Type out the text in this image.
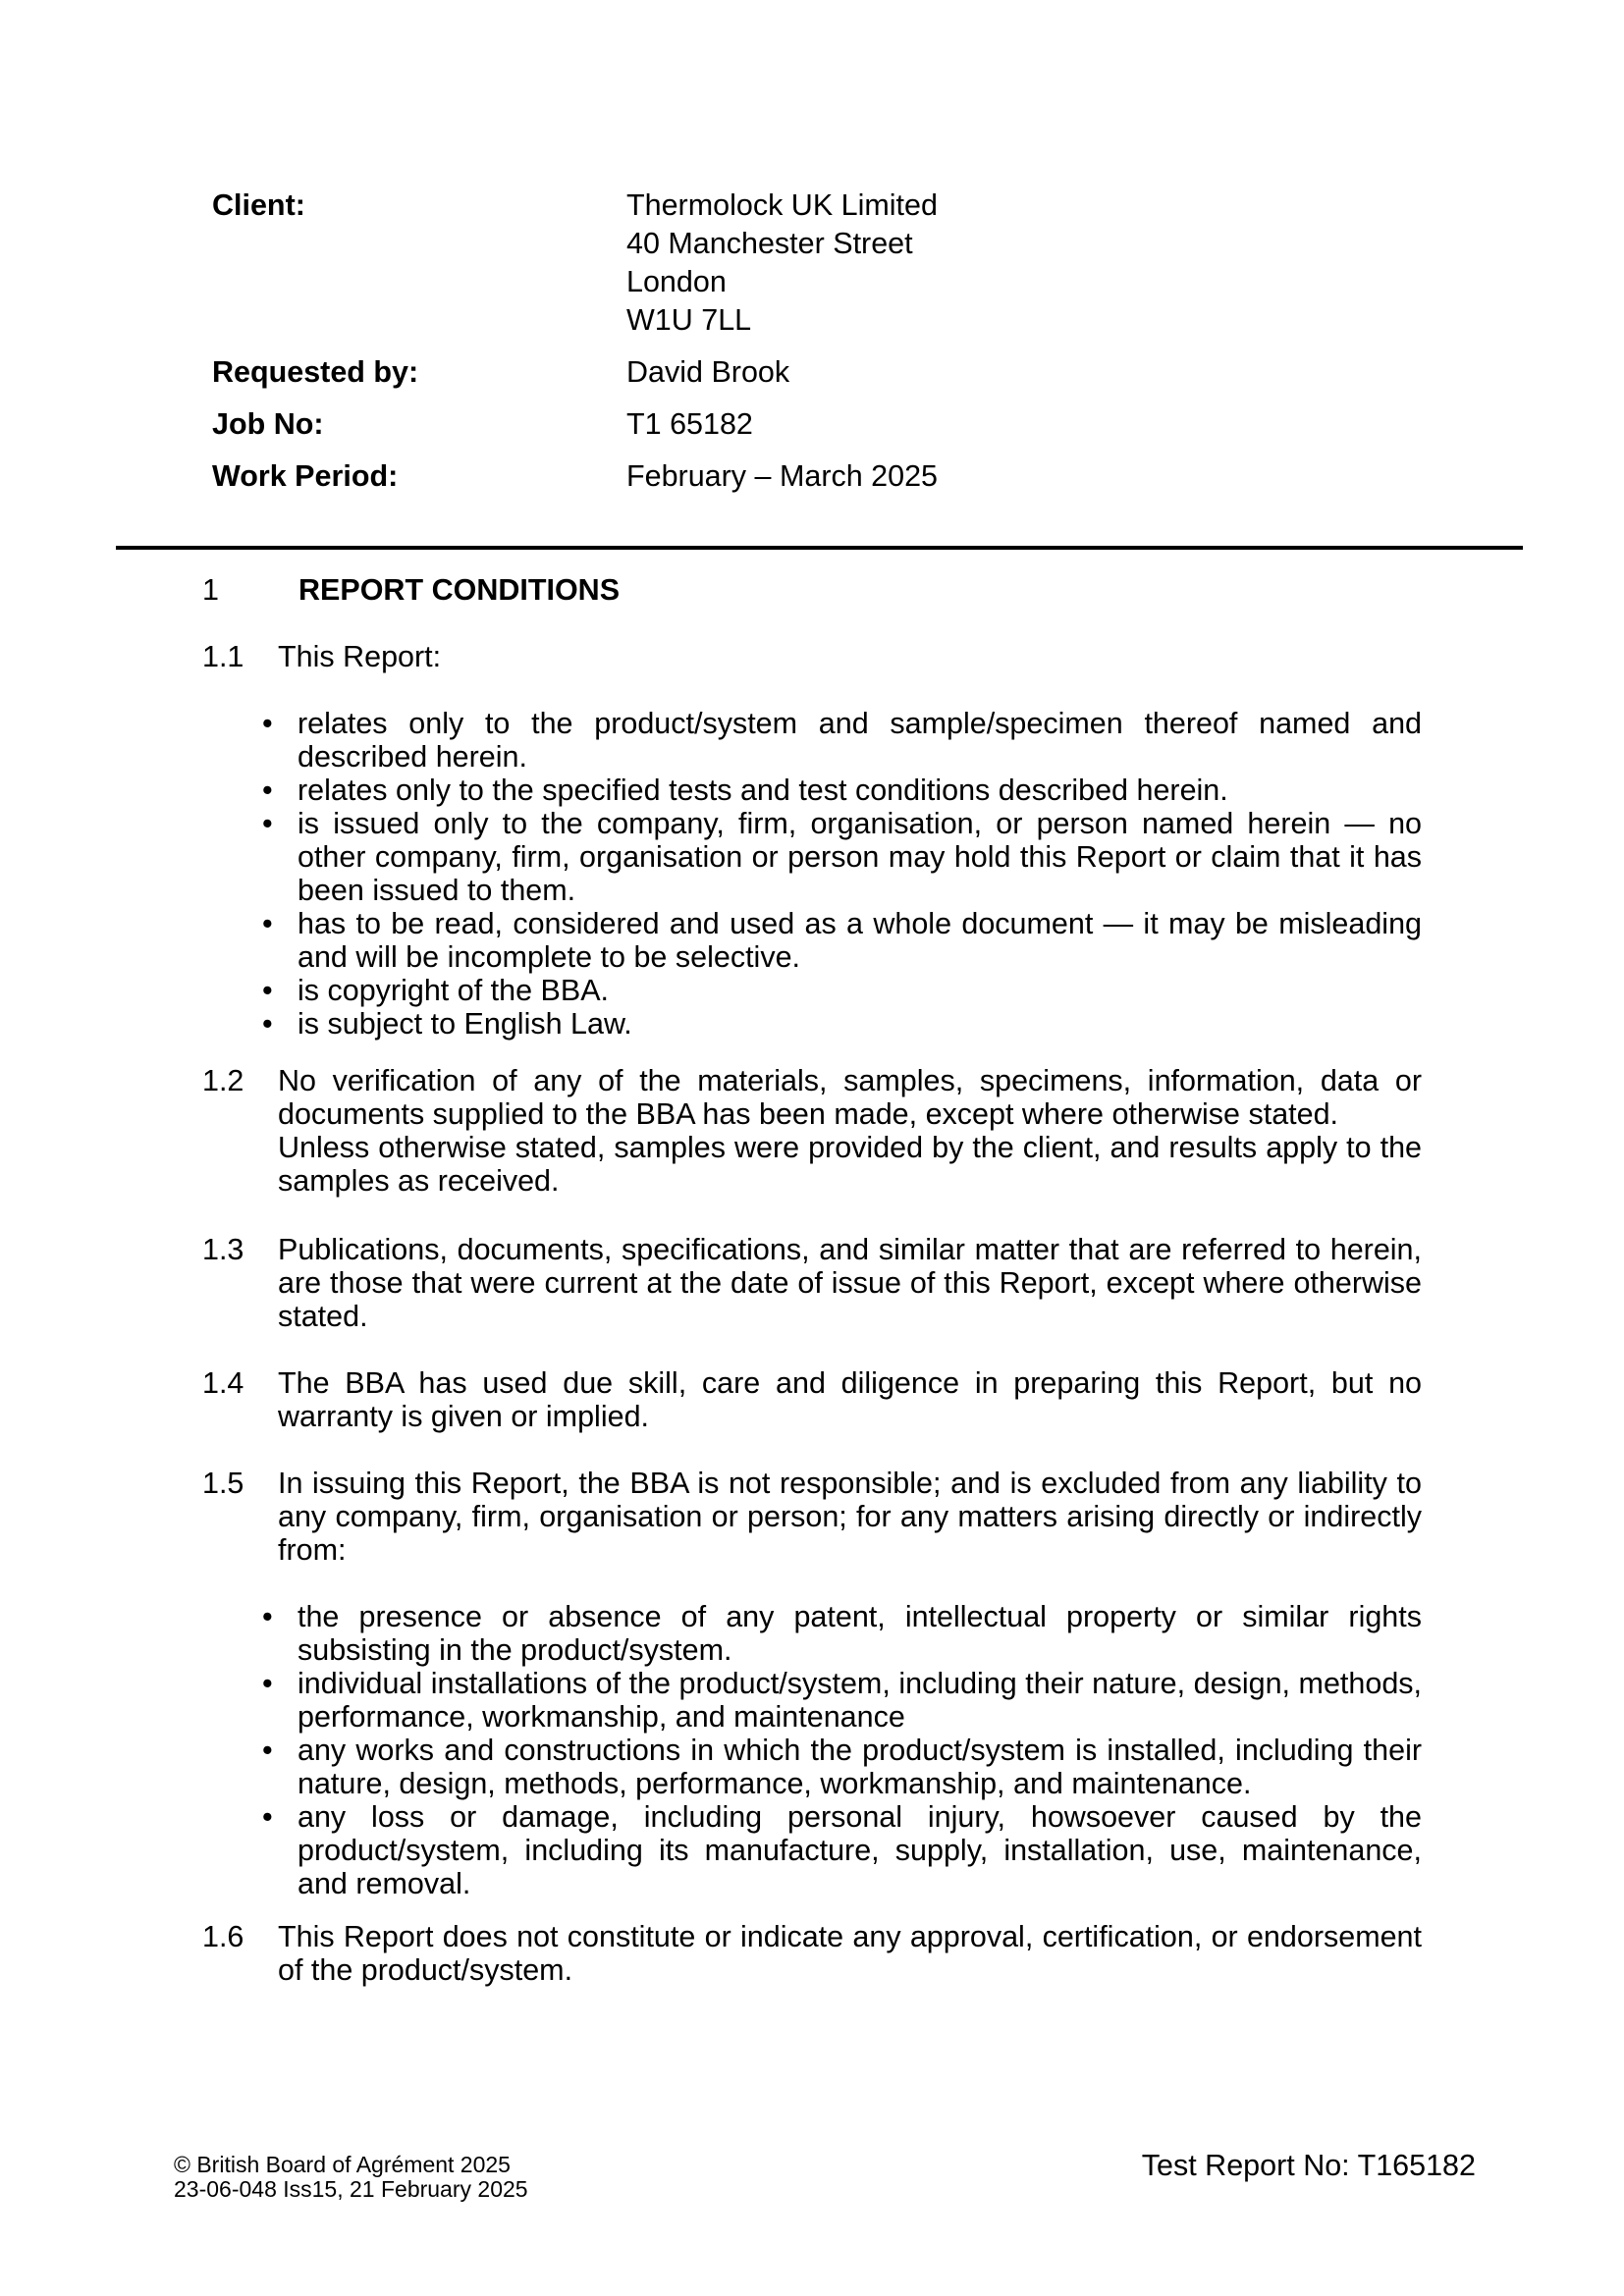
Client:	Thermolock UK Limited
40 Manchester Street
London
W1U 7LL
Requested by:	David Brook
Job No:	T1 65182
Work Period:	February – March 2025
1	REPORT CONDITIONS
1.1	This Report:

• relates only to the product/system and sample/specimen thereof named and described herein.
• relates only to the specified tests and test conditions described herein.
• is issued only to the company, firm, organisation, or person named herein — no other company, firm, organisation or person may hold this Report or claim that it has been issued to them.
• has to be read, considered and used as a whole document — it may be misleading and will be incomplete to be selective.
• is copyright of the BBA.
• is subject to English Law.
1.2	No verification of any of the materials, samples, specimens, information, data or documents supplied to the BBA has been made, except where otherwise stated.

Unless otherwise stated, samples were provided by the client, and results apply to the samples as received.

1.3	Publications, documents, specifications, and similar matter that are referred to herein, are those that were current at the date of issue of this Report, except where otherwise stated.

1.4	The BBA has used due skill, care and diligence in preparing this Report, but no warranty is given or implied.

1.5	In issuing this Report, the BBA is not responsible; and is excluded from any liability to any company, firm, organisation or person; for any matters arising directly or indirectly from:

• the presence or absence of any patent, intellectual property or similar rights subsisting in the product/system.
• individual installations of the product/system, including their nature, design, methods, performance, workmanship, and maintenance
• any works and constructions in which the product/system is installed, including their nature, design, methods, performance, workmanship, and maintenance.
• any loss or damage, including personal injury, howsoever caused by the product/system, including its manufacture, supply, installation, use, maintenance, and removal.
1.6	This Report does not constitute or indicate any approval, certification, or endorsement of the product/system.

© British Board of Agrément 2025
23-06-048 Iss15, 21 February 2025
Test Report No: T165182
